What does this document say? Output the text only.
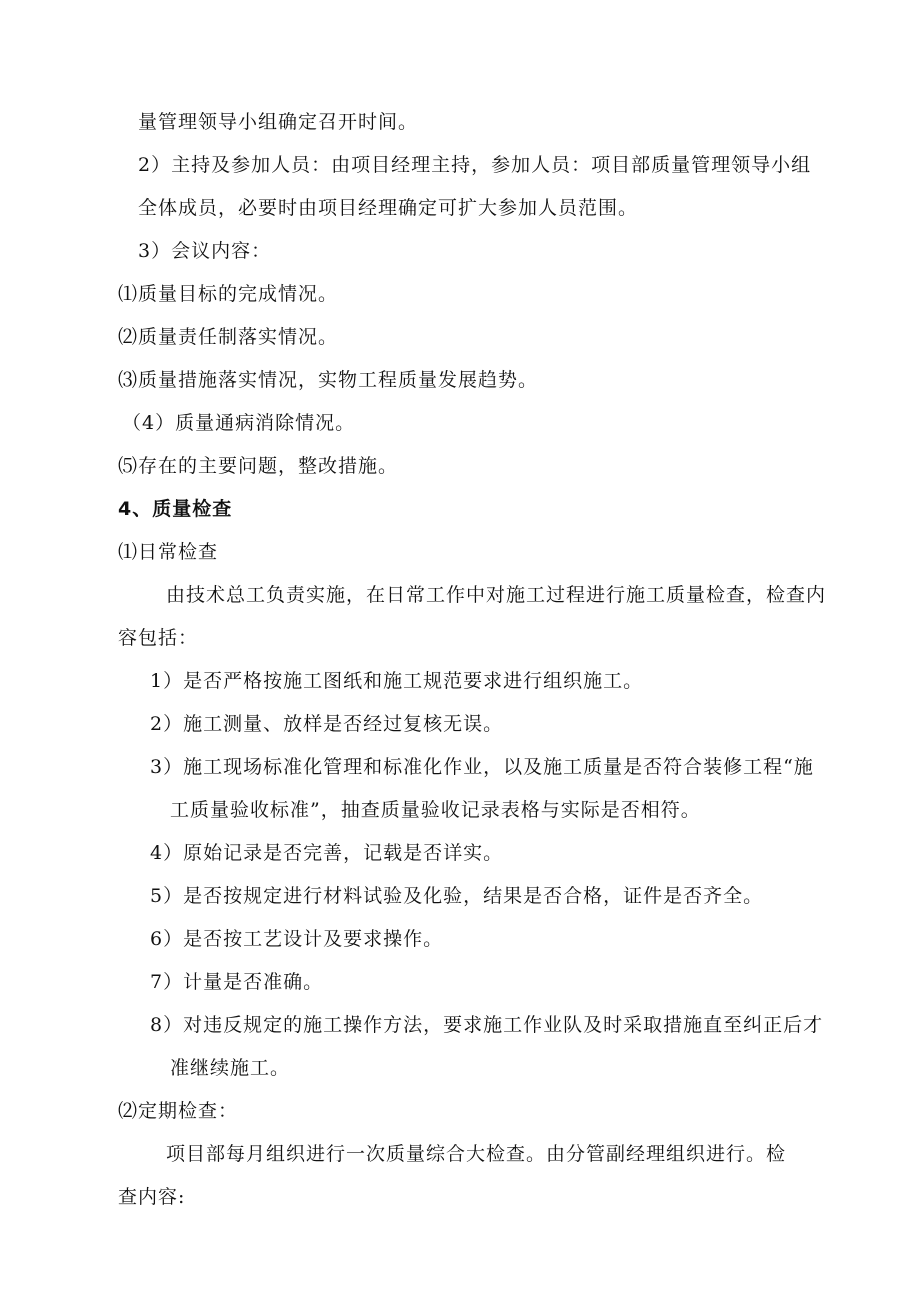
量管理领导小组确定召开时间。
2）主持及参加人员：由项目经理主持，参加人员：项目部质量管理领导小组
全体成员，必要时由项目经理确定可扩大参加人员范围。
3）会议内容：
⑴质量目标的完成情况。
⑵质量责任制落实情况。
⑶质量措施落实情况，实物工程质量发展趋势。
（4）质量通病消除情况。
⑸存在的主要问题，整改措施。
4、质量检查
⑴日常检查
由技术总工负责实施，在日常工作中对施工过程进行施工质量检查，检查内
容包括：
1）是否严格按施工图纸和施工规范要求进行组织施工。
2）施工测量、放样是否经过复核无误。
3）施工现场标准化管理和标准化作业，以及施工质量是否符合装修工程“施
工质量验收标准”，抽查质量验收记录表格与实际是否相符。
4）原始记录是否完善，记载是否详实。
5）是否按规定进行材料试验及化验，结果是否合格，证件是否齐全。
6）是否按工艺设计及要求操作。
7）计量是否准确。
8）对违反规定的施工操作方法，要求施工作业队及时采取措施直至纠正后才
准继续施工。
⑵定期检查：
项目部每月组织进行一次质量综合大检查。由分管副经理组织进行。检
查内容:
